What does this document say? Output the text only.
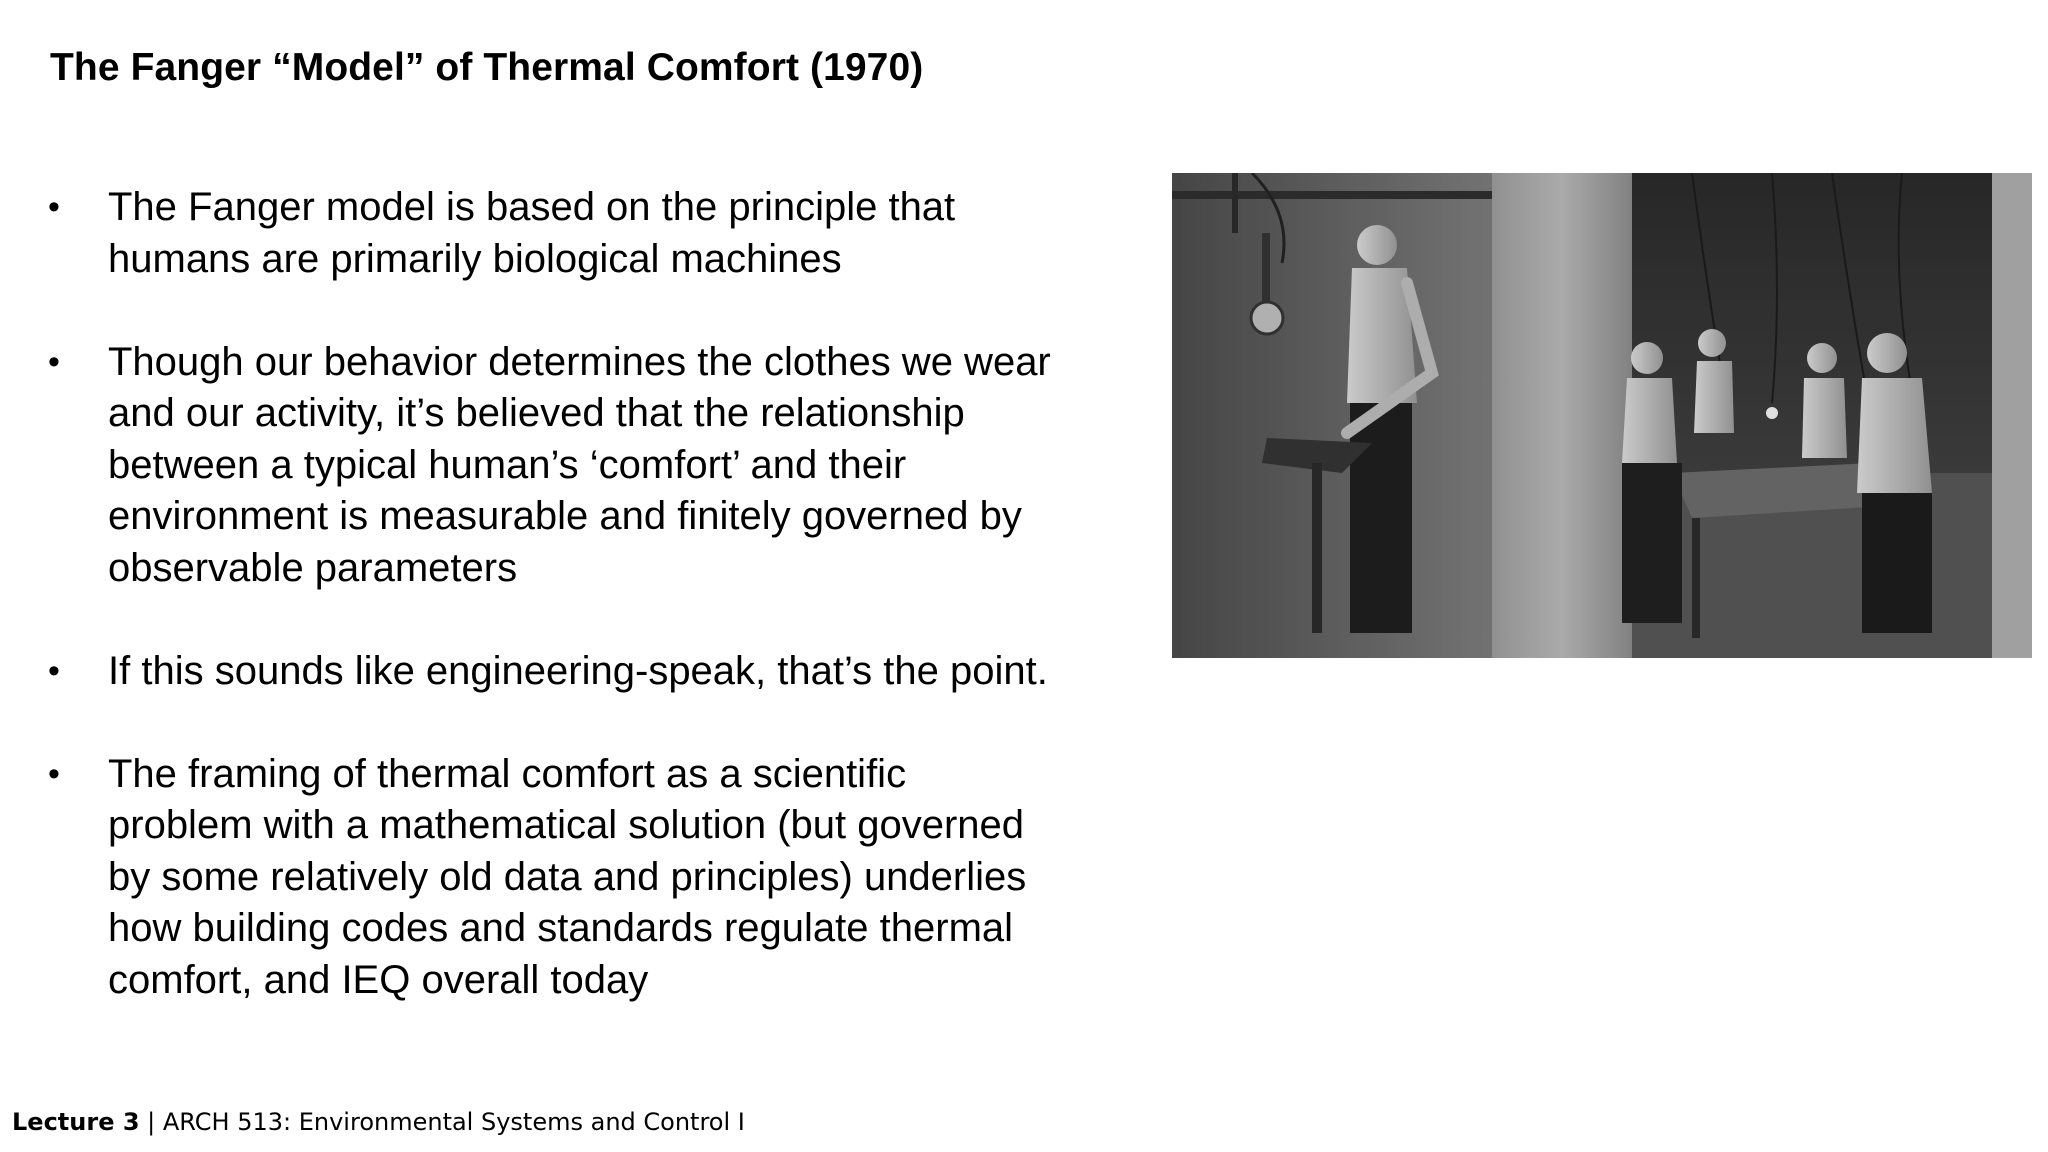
The Fanger “Model” of Thermal Comfort (1970)
• The Fanger model is based on the principle that
humans are primarily biological machines
• Though our behavior determines the clothes we wear
and our activity, it’s believed that the relationship
between a typical human’s ‘comfort’ and their
environment is measurable and finitely governed by
observable parameters
• If this sounds like engineering-speak, that’s the point.
• The framing of thermal comfort as a scientific
problem with a mathematical solution (but governed
by some relatively old data and principles) underlies
how building codes and standards regulate thermal
comfort, and IEQ overall today
Lecture 3 | ARCH 513: Environmental Systems and Control I
